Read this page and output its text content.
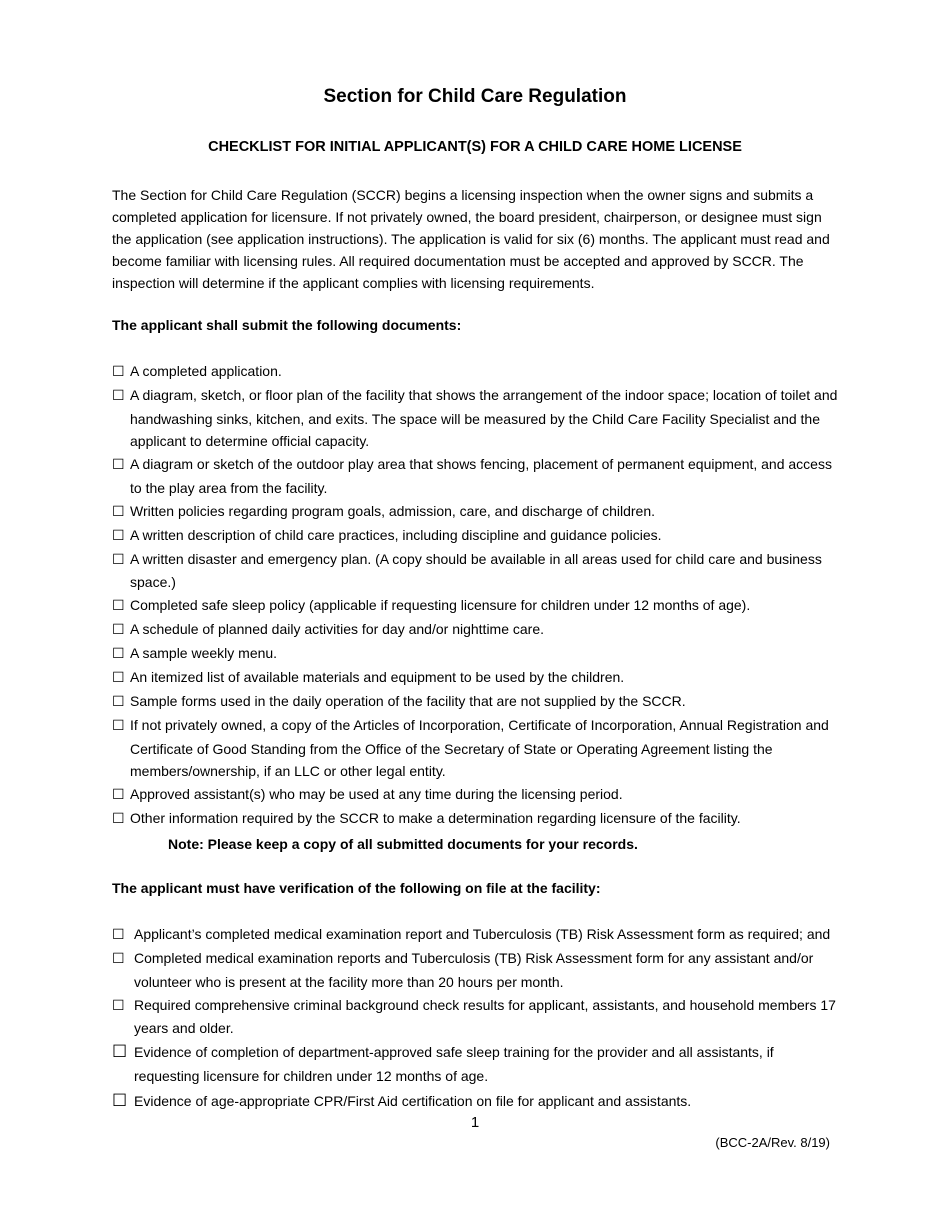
Section for Child Care Regulation
CHECKLIST FOR INITIAL APPLICANT(S) FOR A CHILD CARE HOME LICENSE

The Section for Child Care Regulation (SCCR) begins a licensing inspection when the owner signs and submits a completed application for licensure. If not privately owned, the board president, chairperson, or designee must sign the application (see application instructions). The application is valid for six (6) months. The applicant must read and become familiar with licensing rules. All required documentation must be accepted and approved by SCCR. The inspection will determine if the applicant complies with licensing requirements.

The applicant shall submit the following documents:
☐ A completed application.
☐ A diagram, sketch, or floor plan of the facility that shows the arrangement of the indoor space; location of toilet and handwashing sinks, kitchen, and exits. The space will be measured by the Child Care Facility Specialist and the applicant to determine official capacity.
☐ A diagram or sketch of the outdoor play area that shows fencing, placement of permanent equipment, and access to the play area from the facility.
☐ Written policies regarding program goals, admission, care, and discharge of children.
☐ A written description of child care practices, including discipline and guidance policies.
☐ A written disaster and emergency plan. (A copy should be available in all areas used for child care and business space.)
☐ Completed safe sleep policy (applicable if requesting licensure for children under 12 months of age).
☐ A schedule of planned daily activities for day and/or nighttime care.
☐ A sample weekly menu.
☐ An itemized list of available materials and equipment to be used by the children.
☐ Sample forms used in the daily operation of the facility that are not supplied by the SCCR.
☐ If not privately owned, a copy of the Articles of Incorporation, Certificate of Incorporation, Annual Registration and Certificate of Good Standing from the Office of the Secretary of State or Operating Agreement listing the members/ownership, if an LLC or other legal entity.
☐ Approved assistant(s) who may be used at any time during the licensing period.
☐ Other information required by the SCCR to make a determination regarding licensure of the facility.
Note: Please keep a copy of all submitted documents for your records.
The applicant must have verification of the following on file at the facility:
☐ Applicant’s completed medical examination report and Tuberculosis (TB) Risk Assessment form as required; and
☐ Completed medical examination reports and Tuberculosis (TB) Risk Assessment form for any assistant and/or volunteer who is present at the facility more than 20 hours per month.
☐ Required comprehensive criminal background check results for applicant, assistants, and household members 17 years and older.
☐ Evidence of completion of department-approved safe sleep training for the provider and all assistants, if requesting licensure for children under 12 months of age.
☐ Evidence of age-appropriate CPR/First Aid certification on file for applicant and assistants.
1
(BCC-2A/Rev. 8/19)
